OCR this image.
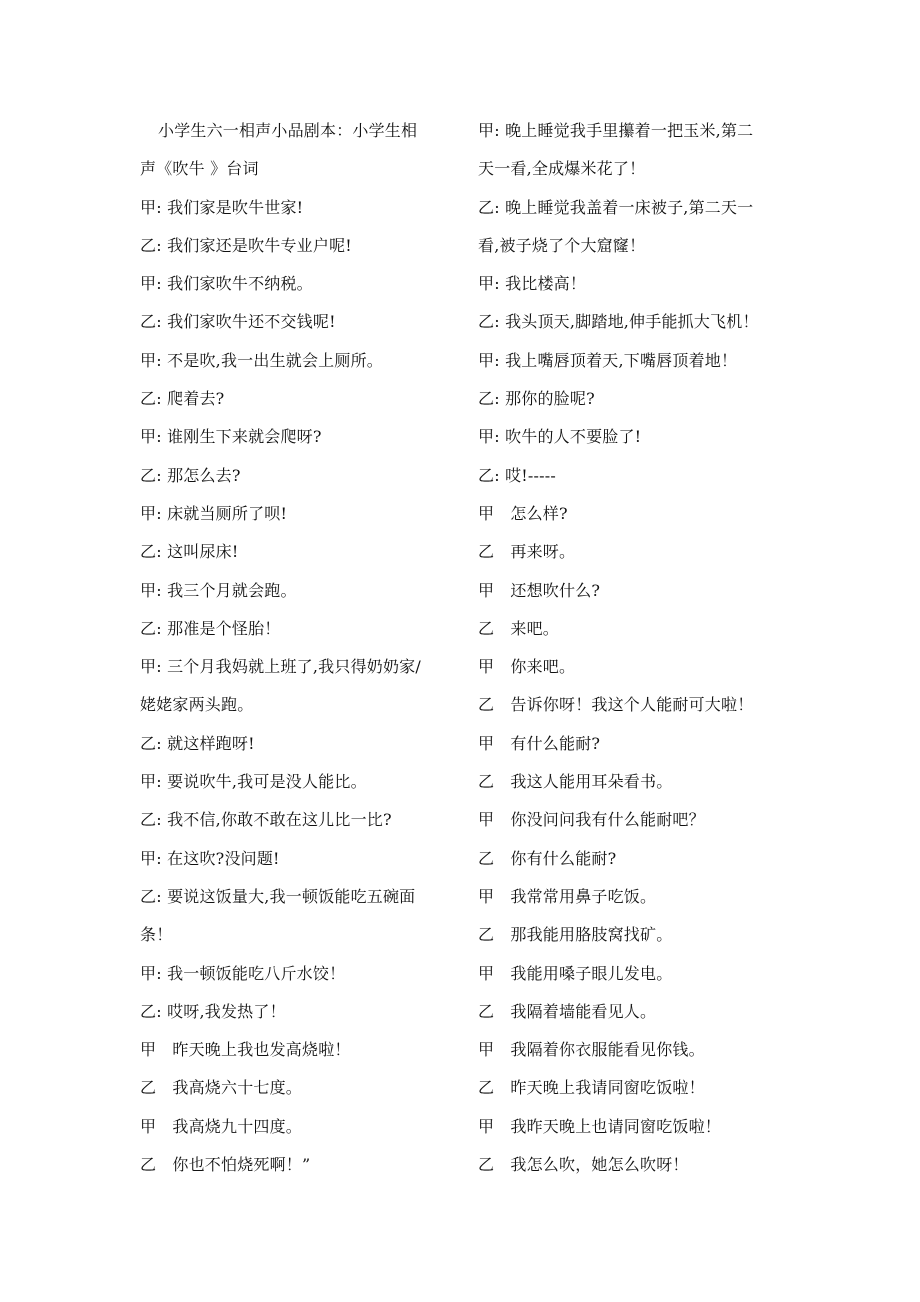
小学生六一相声小品剧本：小学生相
声《吹牛 》台词
甲: 我们家是吹牛世家!
乙: 我们家还是吹牛专业户呢!
甲: 我们家吹牛不纳税。
乙: 我们家吹牛还不交钱呢!
甲: 不是吹,我一出生就会上厕所。
乙: 爬着去?
甲: 谁刚生下来就会爬呀?
乙: 那怎么去?
甲: 床就当厕所了呗!
乙: 这叫尿床!
甲: 我三个月就会跑。
乙: 那准是个怪胎！
甲: 三个月我妈就上班了,我只得奶奶家/
姥姥家两头跑。
乙: 就这样跑呀!
甲: 要说吹牛,我可是没人能比。
乙: 我不信,你敢不敢在这儿比一比?
甲: 在这吹?没问题!
乙: 要说这饭量大,我一顿饭能吃五碗面
条！
甲: 我一顿饭能吃八斤水饺！
乙: 哎呀,我发热了！
甲　昨天晚上我也发高烧啦！
乙　我高烧六十七度。
甲　我高烧九十四度。
乙　你也不怕烧死啊！”
甲: 晚上睡觉我手里攥着一把玉米,第二
天一看,全成爆米花了！
乙: 晚上睡觉我盖着一床被子,第二天一
看,被子烧了个大窟窿！
甲: 我比楼高！
乙: 我头顶天,脚踏地,伸手能抓大飞机！
甲: 我上嘴唇顶着天,下嘴唇顶着地！
乙: 那你的脸呢?
甲: 吹牛的人不要脸了!
乙: 哎!-----
甲　怎么样?
乙　再来呀。
甲　还想吹什么?
乙　来吧。
甲　你来吧。
乙　告诉你呀！我这个人能耐可大啦！
甲　有什么能耐?
乙　我这人能用耳朵看书。
甲　你没问问我有什么能耐吧？
乙　你有什么能耐?
甲　我常常用鼻子吃饭。
乙　那我能用胳肢窝找矿。
甲　我能用嗓子眼儿发电。
乙　我隔着墙能看见人。
甲　我隔着你衣服能看见你钱。
乙　昨天晚上我请同窗吃饭啦！
甲　我昨天晚上也请同窗吃饭啦！
乙　我怎么吹，她怎么吹呀！
